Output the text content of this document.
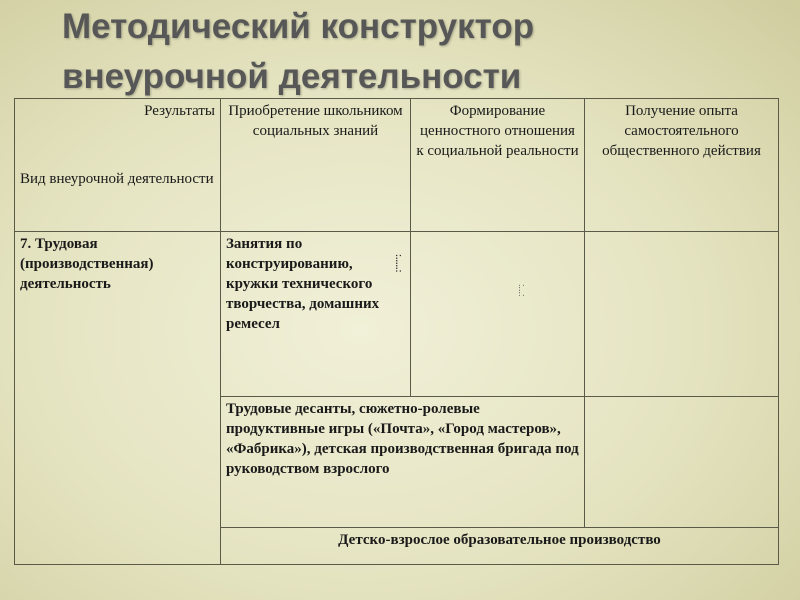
Методический конструктор
внеурочной деятельности
Результаты
Вид внеурочной деятельности	Приобретение школьником социальных знаний	Формирование ценностного отношения к социальной реальности	Получение опыта самостоятельного общественного действия
7. Трудовая (производственная) деятельность	Занятия по конструированию, кружки технического творчества, домашних ремесел
:.....:	:...:	

	Трудовые десанты, сюжетно-ролевые продуктивные игры («Почта», «Город мастеров», «Фабрика»), детская производственная бригада под руководством взрослого		
	Детско-взрослое образовательное производство		
